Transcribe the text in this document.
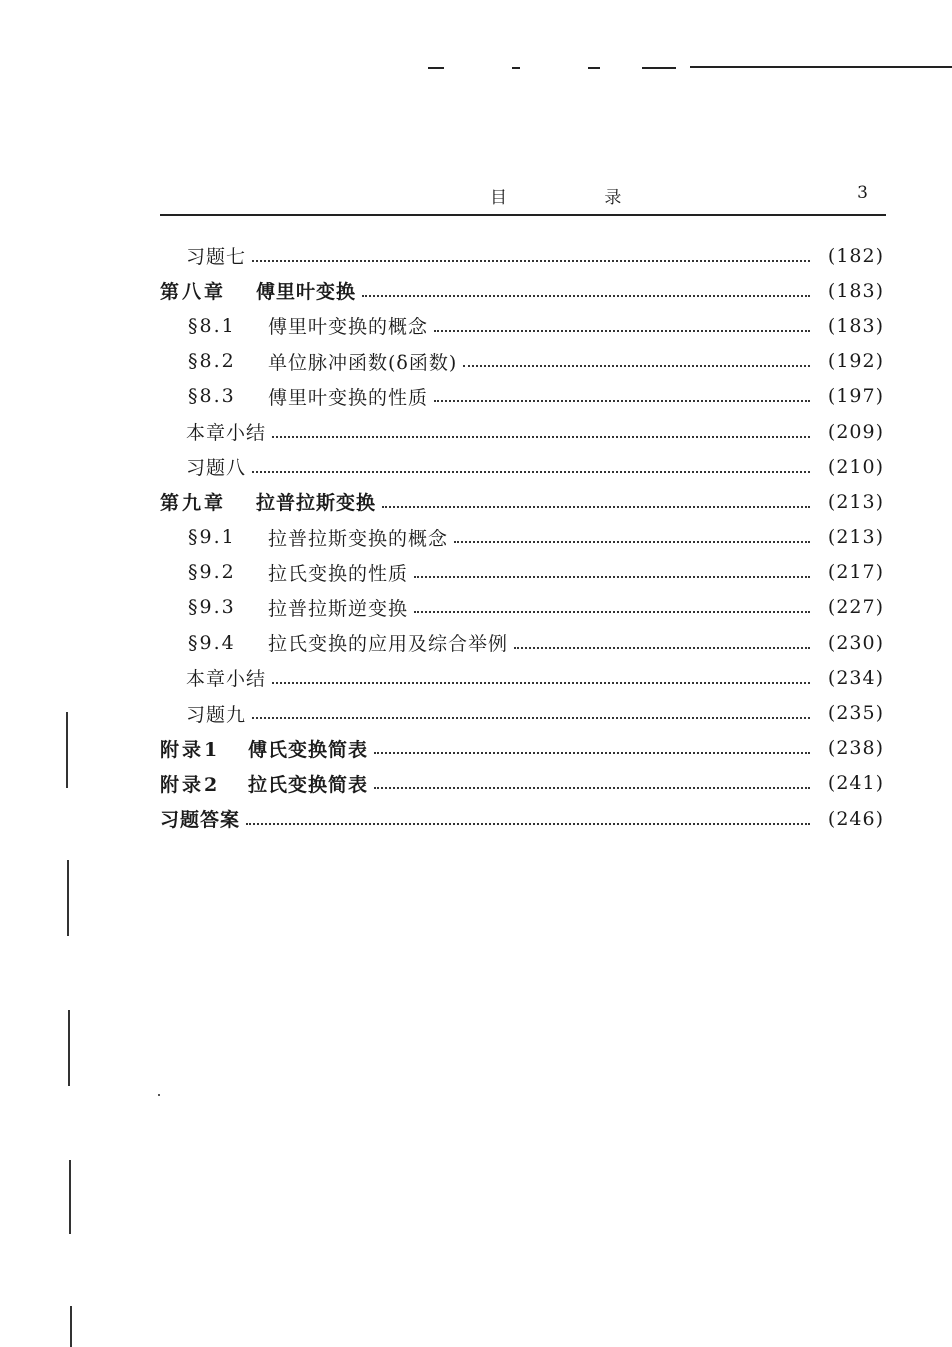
目 录	3
习题七	(182)
第八章	傅里叶变换	(183)
§8.1	傅里叶变换的概念	(183)
§8.2	单位脉冲函数(δ函数)	(192)
§8.3	傅里叶变换的性质	(197)
本章小结	(209)
习题八	(210)
第九章	拉普拉斯变换	(213)
§9.1	拉普拉斯变换的概念	(213)
§9.2	拉氏变换的性质	(217)
§9.3	拉普拉斯逆变换	(227)
§9.4	拉氏变换的应用及综合举例	(230)
本章小结	(234)
习题九	(235)
附录1	傅氏变换简表	(238)
附录2	拉氏变换简表	(241)
习题答案	(246)
